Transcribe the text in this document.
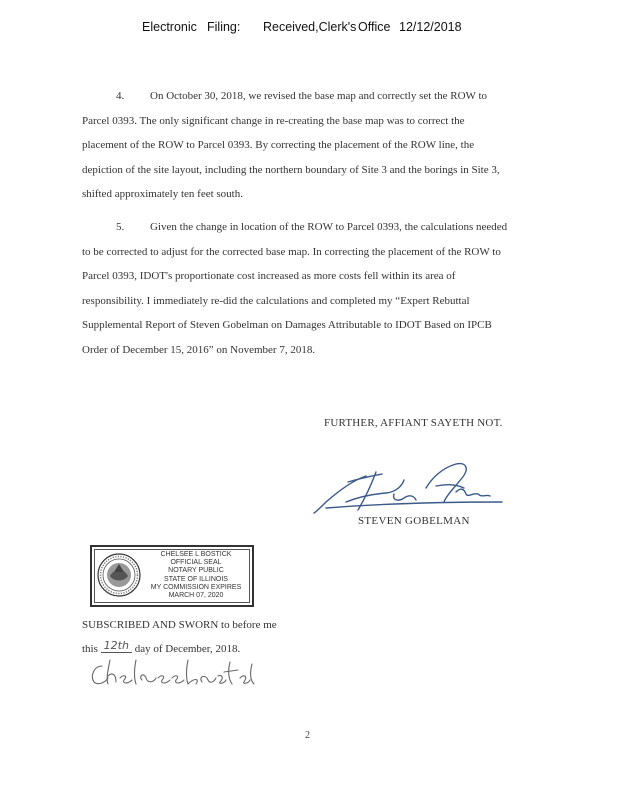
Electronic Filing: Received,Clerk's Office 12/12/2018
4. On October 30, 2018, we revised the base map and correctly set the ROW to
Parcel 0393. The only significant change in re-creating the base map was to correct the
placement of the ROW to Parcel 0393. By correcting the placement of the ROW line, the
depiction of the site layout, including the northern boundary of Site 3 and the borings in Site 3,
shifted approximately ten feet south.
5. Given the change in location of the ROW to Parcel 0393, the calculations needed
to be corrected to adjust for the corrected base map. In correcting the placement of the ROW to
Parcel 0393, IDOT's proportionate cost increased as more costs fell within its area of
responsibility. I immediately re-did the calculations and completed my “Expert Rebuttal
Supplemental Report of Steven Gobelman on Damages Attributable to IDOT Based on IPCB
Order of December 15, 2016” on November 7, 2018.
FURTHER, AFFIANT SAYETH NOT.
STEVEN GOBELMAN
CHELSEE L BOSTICK
OFFICIAL SEAL
NOTARY PUBLIC
STATE OF ILLINOIS
MY COMMISSION EXPIRES
MARCH 07, 2020
SUBSCRIBED AND SWORN to before me
this 12th day of December, 2018.
2
